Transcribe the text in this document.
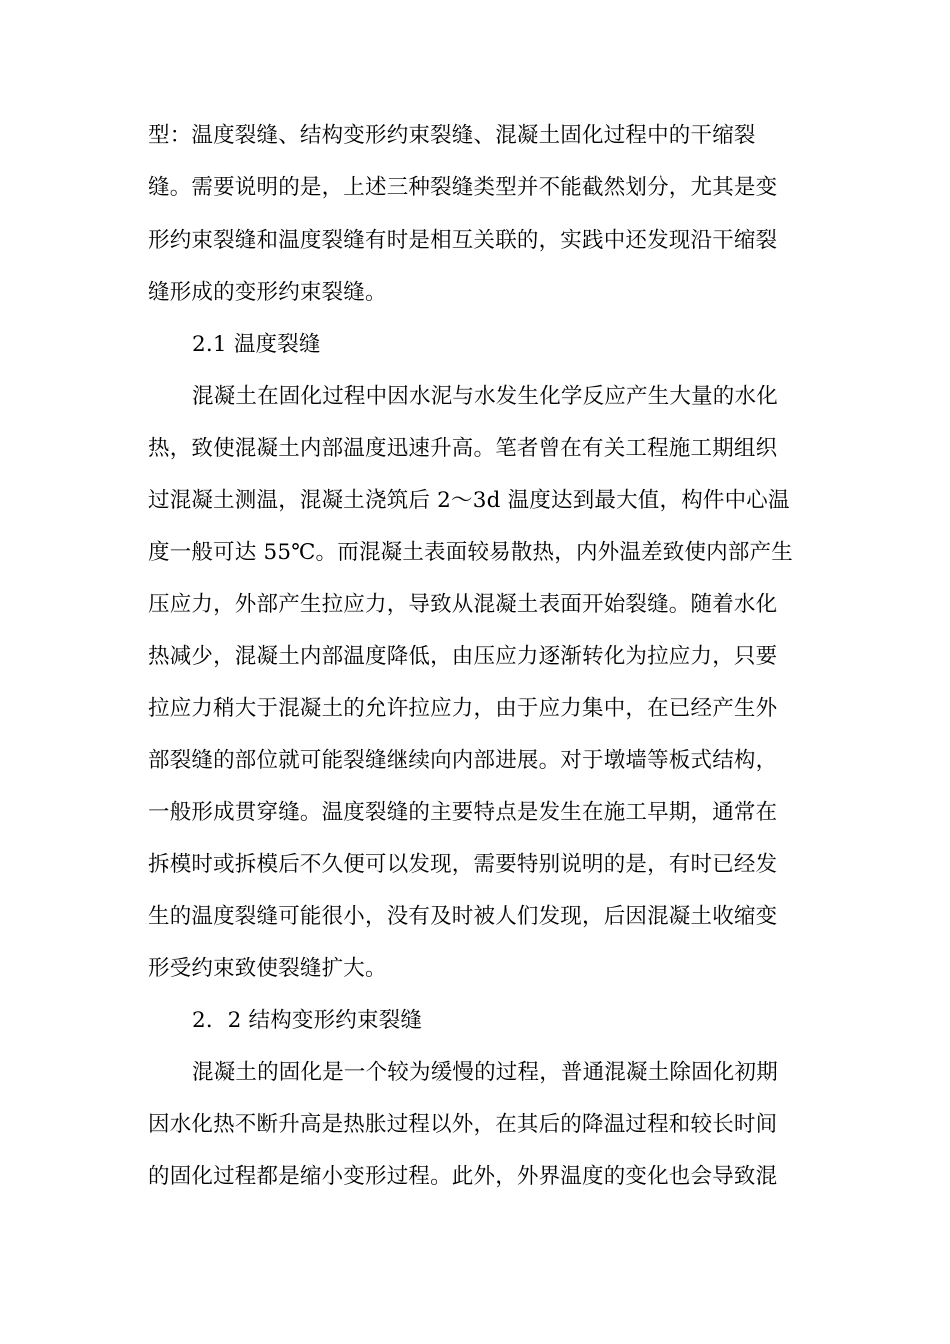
型：温度裂缝、结构变形约束裂缝、混凝土固化过程中的干缩裂
缝。需要说明的是，上述三种裂缝类型并不能截然划分，尤其是变
形约束裂缝和温度裂缝有时是相互关联的，实践中还发现沿干缩裂
缝形成的变形约束裂缝。
2.1 温度裂缝
混凝土在固化过程中因水泥与水发生化学反应产生大量的水化
热，致使混凝土内部温度迅速升高。笔者曾在有关工程施工期组织
过混凝土测温，混凝土浇筑后 2～3d 温度达到最大值，构件中心温
度一般可达 55℃。而混凝土表面较易散热，内外温差致使内部产生
压应力，外部产生拉应力，导致从混凝土表面开始裂缝。随着水化
热减少，混凝土内部温度降低，由压应力逐渐转化为拉应力，只要
拉应力稍大于混凝土的允许拉应力，由于应力集中，在已经产生外
部裂缝的部位就可能裂缝继续向内部进展。对于墩墙等板式结构，
一般形成贯穿缝。温度裂缝的主要特点是发生在施工早期，通常在
拆模时或拆模后不久便可以发现，需要特别说明的是，有时已经发
生的温度裂缝可能很小，没有及时被人们发现，后因混凝土收缩变
形受约束致使裂缝扩大。
2．2 结构变形约束裂缝
混凝土的固化是一个较为缓慢的过程，普通混凝土除固化初期
因水化热不断升高是热胀过程以外，在其后的降温过程和较长时间
的固化过程都是缩小变形过程。此外，外界温度的变化也会导致混
